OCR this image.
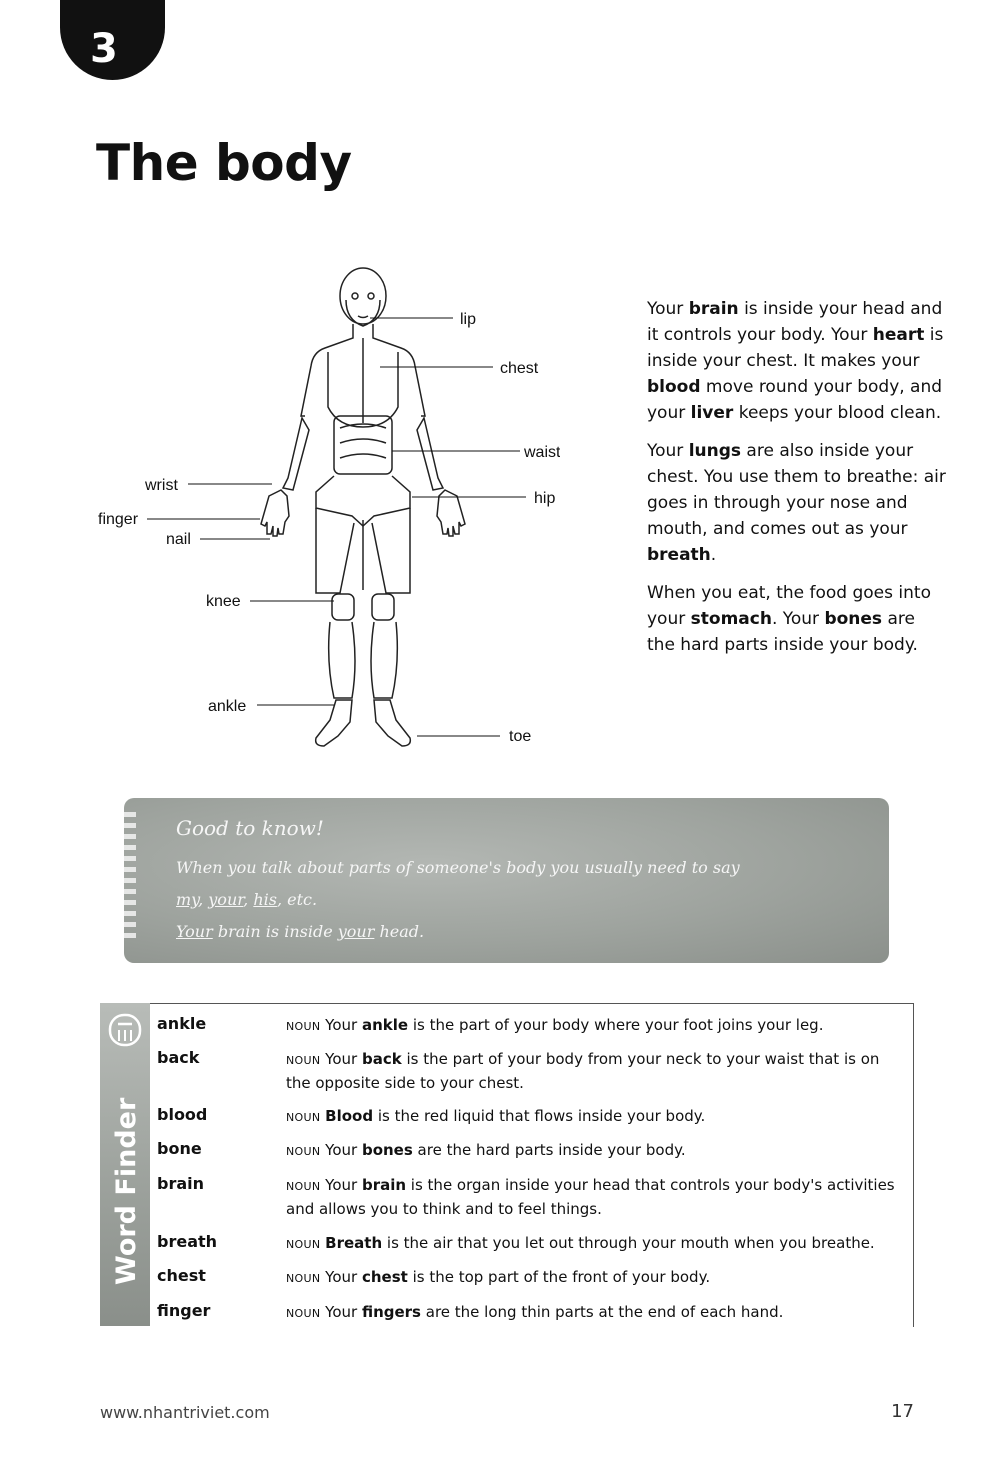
3
The body
lip
chest
waist
hip
wrist
finger
nail
knee
ankle
toe

Your brain is inside your head and it controls your body. Your heart is inside your chest. It makes your blood move round your body, and your liver keeps your blood clean.

Your lungs are also inside your chest. You use them to breathe: air goes in through your nose and mouth, and comes out as your breath.

When you eat, the food goes into your stomach. Your bones are the hard parts inside your body.

Good to know!

When you talk about parts of someone's body you usually need to say

my, your, his, etc.

Your brain is inside your head.

Word Finder
ankle	NOUN Your ankle is the part of your body where your foot joins your leg.
back	NOUN Your back is the part of your body from your neck to your waist that is on the opposite side to your chest.
blood	NOUN Blood is the red liquid that flows inside your body.
bone	NOUN Your bones are the hard parts inside your body.
brain	NOUN Your brain is the organ inside your head that controls your body's activities and allows you to think and to feel things.
breath	NOUN Breath is the air that you let out through your mouth when you breathe.
chest	NOUN Your chest is the top part of the front of your body.
finger	NOUN Your fingers are the long thin parts at the end of each hand.
www.nhantriviet.com	17
